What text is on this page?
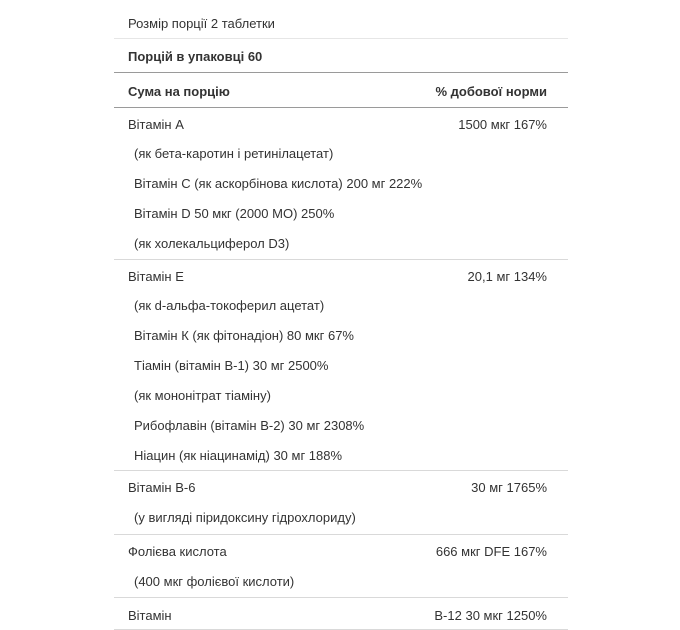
Розмір порції 2 таблетки
Порцій в упаковці 60
Сума на порцію	% добової норми
Вітамін A	1500 мкг 167%
(як бета-каротин і ретинілацетат)
Вітамін C (як аскорбінова кислота) 200 мг 222%
Вітамін D 50 мкг (2000 МО) 250%
(як холекальциферол D3)
Вітамін E	20,1 мг 134%
(як d-альфа-токоферил ацетат)
Вітамін К (як фітонадіон) 80 мкг 67%
Тіамін (вітамін B-1) 30 мг 2500%
(як мононітрат тіаміну)
Рибофлавін (вітамін B-2) 30 мг 2308%
Ніацин (як ніацинамід) 30 мг 188%
Вітамін B-6	30 мг 1765%
(у вигляді піридоксину гідрохлориду)
Фолієва кислота	666 мкг DFE 167%
(400 мкг фолієвої кислоти)
Вітамін	B-12 30 мкг 1250%
